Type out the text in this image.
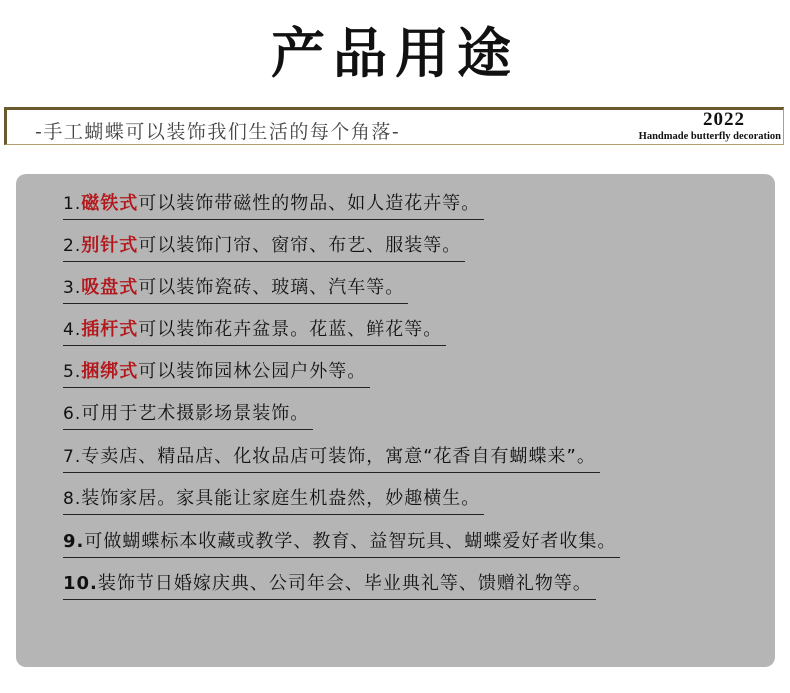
产品用途
-手工蝴蝶可以装饰我们生活的每个角落-
2022
Handmade butterfly decoration
1.磁铁式可以装饰带磁性的物品、如人造花卉等。
2.别针式可以装饰门帘、窗帘、布艺、服装等。
3.吸盘式可以装饰瓷砖、玻璃、汽车等。
4.插杆式可以装饰花卉盆景。花蓝、鲜花等。
5.捆绑式可以装饰园林公园户外等。
6.可用于艺术摄影场景装饰。
7.专卖店、精品店、化妆品店可装饰，寓意“花香自有蝴蝶来”。
8.装饰家居。家具能让家庭生机盎然，妙趣横生。
9.可做蝴蝶标本收藏或教学、教育、益智玩具、蝴蝶爱好者收集。
10.装饰节日婚嫁庆典、公司年会、毕业典礼等、馈赠礼物等。
